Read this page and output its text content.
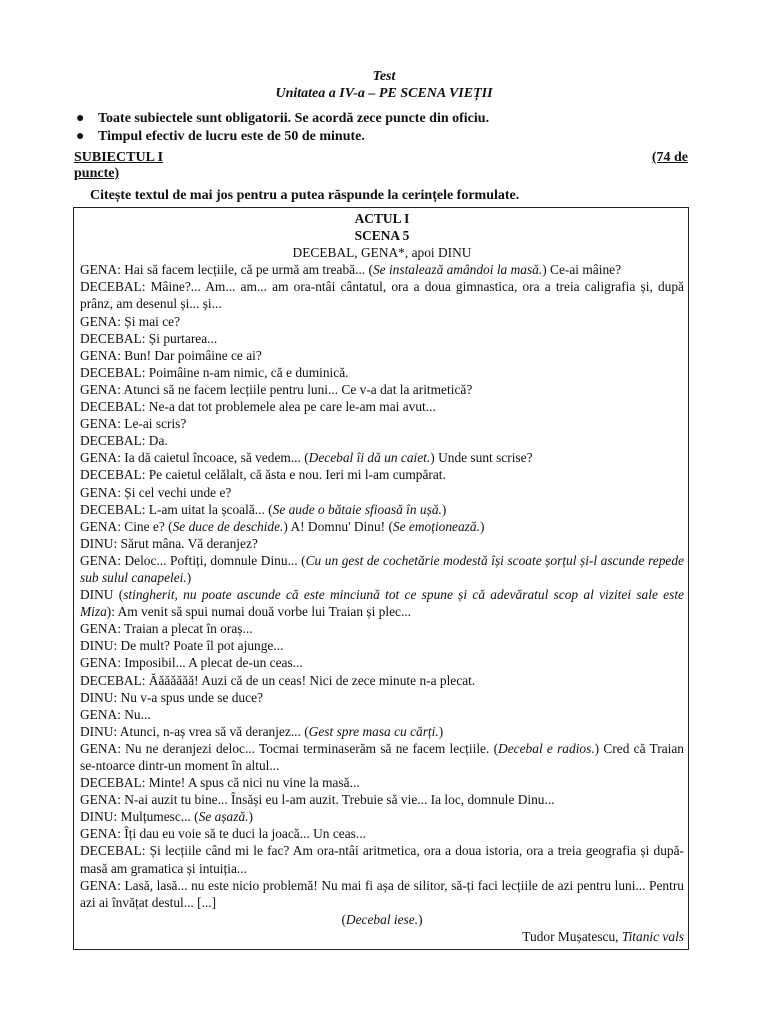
Test
Unitatea a IV-a – PE SCENA VIEȚII
● Toate subiectele sunt obligatorii. Se acordă zece puncte din oficiu.
● Timpul efectiv de lucru este de 50 de minute.
SUBIECTUL I	(74 de
puncte)
Citește textul de mai jos pentru a putea răspunde la cerințele formulate.
ACTUL I
SCENA 5
DECEBAL, GENA*, apoi DINU

GENA: Hai să facem lecțiile, că pe urmă am treabă... (Se instalează amândoi la masă.) Ce-ai mâine?

DECEBAL: Mâine?... Am... am... am ora-ntâi cântatul, ora a doua gimnastica, ora a treia caligrafia și, după prânz, am desenul și... și...

GENA: Și mai ce?

DECEBAL: Și purtarea...

GENA: Bun! Dar poimâine ce ai?

DECEBAL: Poimâine n-am nimic, că e duminică.

GENA: Atunci să ne facem lecțiile pentru luni... Ce v-a dat la aritmetică?

DECEBAL: Ne-a dat tot problemele alea pe care le-am mai avut...

GENA: Le-ai scris?

DECEBAL: Da.

GENA: Ia dă caietul încoace, să vedem... (Decebal îi dă un caiet.) Unde sunt scrise?

DECEBAL: Pe caietul celălalt, că ăsta e nou. Ieri mi l-am cumpărat.

GENA: Și cel vechi unde e?

DECEBAL: L-am uitat la școală... (Se aude o bătaie sfioasă în ușă.)

GENA: Cine e? (Se duce de deschide.) A! Domnu' Dinu! (Se emoționează.)

DINU: Sărut mâna. Vă deranjez?

GENA: Deloc... Poftiți, domnule Dinu... (Cu un gest de cochetărie modestă își scoate șorțul și-l ascunde repede sub sulul canapelei.)

DINU (stingherit, nu poate ascunde că este minciună tot ce spune și că adevăratul scop al vizitei sale este Miza): Am venit să spui numai două vorbe lui Traian și plec...

GENA: Traian a plecat în oraș...

DINU: De mult? Poate îl pot ajunge...

GENA: Imposibil... A plecat de-un ceas...

DECEBAL: Ăăăăăăă! Auzi că de un ceas! Nici de zece minute n-a plecat.

DINU: Nu v-a spus unde se duce?

GENA: Nu...

DINU: Atunci, n-aș vrea să vă deranjez... (Gest spre masa cu cărți.)

GENA: Nu ne deranjezi deloc... Tocmai terminaserăm să ne facem lecțiile. (Decebal e radios.) Cred că Traian se-ntoarce dintr-un moment în altul...

DECEBAL: Minte! A spus că nici nu vine la masă...

GENA: N-ai auzit tu bine... Însăși eu l-am auzit. Trebuie să vie... Ia loc, domnule Dinu...

DINU: Mulțumesc... (Se așază.)

GENA: Îți dau eu voie să te duci la joacă... Un ceas...

DECEBAL: Și lecțiile când mi le fac? Am ora-ntâi aritmetica, ora a doua istoria, ora a treia geografia și după-masă am gramatica și intuiția...

GENA: Lasă, lasă... nu este nicio problemă! Nu mai fi așa de silitor, să-ți faci lecțiile de azi pentru luni... Pentru azi ai învățat destul... [...]

(Decebal iese.)
Tudor Mușatescu, Titanic vals
